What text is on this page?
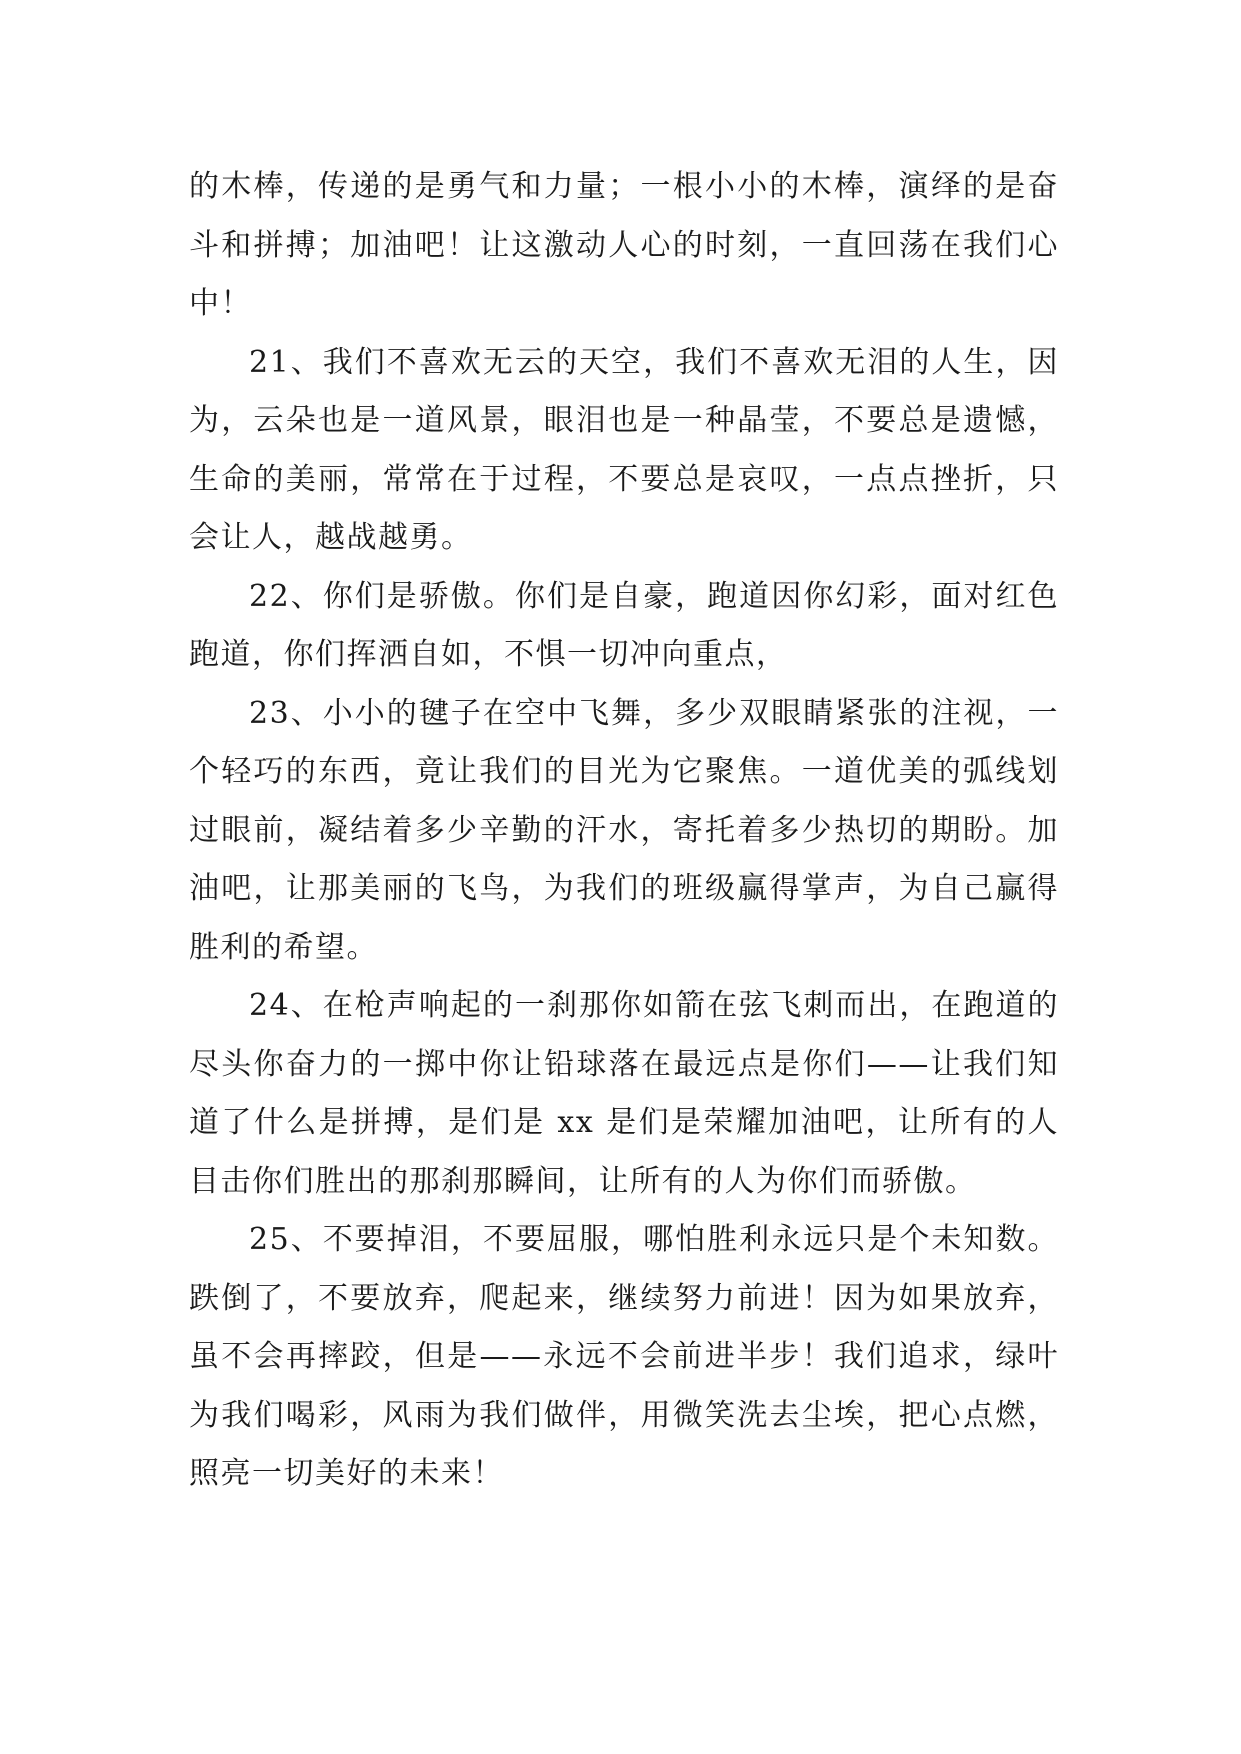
的木棒，传递的是勇气和力量；一根小小的木棒，演绎的是奋斗和拼搏；加油吧！让这激动人心的时刻，一直回荡在我们心中！

21、我们不喜欢无云的天空，我们不喜欢无泪的人生，因为，云朵也是一道风景，眼泪也是一种晶莹，不要总是遗憾，生命的美丽，常常在于过程，不要总是哀叹，一点点挫折，只会让人，越战越勇。

22、你们是骄傲。你们是自豪，跑道因你幻彩，面对红色跑道，你们挥洒自如，不惧一切冲向重点，

23、小小的毽子在空中飞舞，多少双眼睛紧张的注视，一个轻巧的东西，竟让我们的目光为它聚焦。一道优美的弧线划过眼前，凝结着多少辛勤的汗水，寄托着多少热切的期盼。加油吧，让那美丽的飞鸟，为我们的班级赢得掌声，为自己赢得胜利的希望。

24、在枪声响起的一刹那你如箭在弦飞刺而出，在跑道的尽头你奋力的一掷中你让铅球落在最远点是你们——让我们知道了什么是拼搏，是们是 xx 是们是荣耀加油吧，让所有的人目击你们胜出的那刹那瞬间，让所有的人为你们而骄傲。

25、不要掉泪，不要屈服，哪怕胜利永远只是个未知数。跌倒了，不要放弃，爬起来，继续努力前进！因为如果放弃，虽不会再摔跤，但是——永远不会前进半步！我们追求，绿叶为我们喝彩，风雨为我们做伴，用微笑洗去尘埃，把心点燃，照亮一切美好的未来！
